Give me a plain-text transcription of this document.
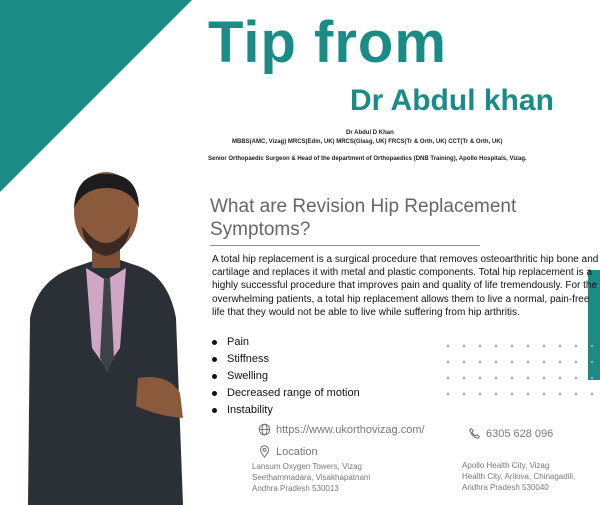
Tip from
Dr Abdul khan
Dr Abdul D Khan
MBBS(AMC, Vizag) MRCS(Edin, UK) MRCS(Glasg, UK) FRCS(Tr & Orth, UK) CCT(Tr & Orth, UK)
Senior Orthopaedic Surgeon & Head of the department of Orthopaedics (DNB Training), Apollo Hospitals, Vizag.
What are Revision Hip Replacement Symptoms?

A total hip replacement is a surgical procedure that removes osteoarthritic hip bone and cartilage and replaces it with metal and plastic components. Total hip replacement is a highly successful procedure that improves pain and quality of life tremendously. For the overwhelming patients, a total hip replacement allows them to live a normal, pain-free life that they would not be able to live while suffering from hip arthritis.

Pain
Stiffness
Swelling
Decreased range of motion
Instability
https://www.ukorthovizag.com/	6305 628 096
Location
Lansum Oxygen Towers, Vizag
Seethammadara, Visakhapatnam
Andhra Pradesh 530013
Apollo Health City, Vizag
Health City, Arilova, Chinagadili,
Andhra Pradesh 530040
